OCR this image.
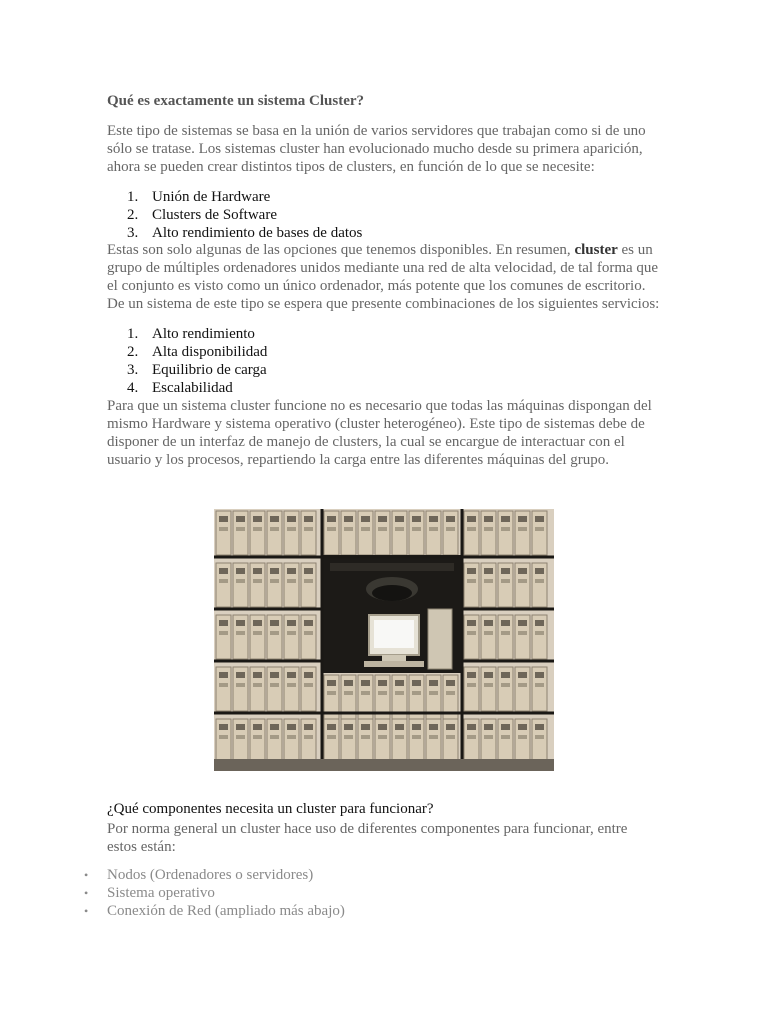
Qué es exactamente un sistema Cluster?
Este tipo de sistemas se basa en la unión de varios servidores que trabajan como si de uno
sólo se tratase. Los sistemas cluster han evolucionado mucho desde su primera aparición,
ahora se pueden crear distintos tipos de clusters, en función de lo que se necesite:
1. Unión de Hardware
2. Clusters de Software
3. Alto rendimiento de bases de datos
Estas son solo algunas de las opciones que tenemos disponibles. En resumen, cluster es un
grupo de múltiples ordenadores unidos mediante una red de alta velocidad, de tal forma que
el conjunto es visto como un único ordenador, más potente que los comunes de escritorio.
De un sistema de este tipo se espera que presente combinaciones de los siguientes servicios:
1. Alto rendimiento
2. Alta disponibilidad
3. Equilibrio de carga
4. Escalabilidad
Para que un sistema cluster funcione no es necesario que todas las máquinas dispongan del
mismo Hardware y sistema operativo (cluster heterogéneo). Este tipo de sistemas debe de
disponer de un interfaz de manejo de clusters, la cual se encargue de interactuar con el
usuario y los procesos, repartiendo la carga entre las diferentes máquinas del grupo.
¿Qué componentes necesita un cluster para funcionar?
Por norma general un cluster hace uso de diferentes componentes para funcionar, entre
estos están:
• Nodos (Ordenadores o servidores)
• Sistema operativo
• Conexión de Red (ampliado más abajo)
